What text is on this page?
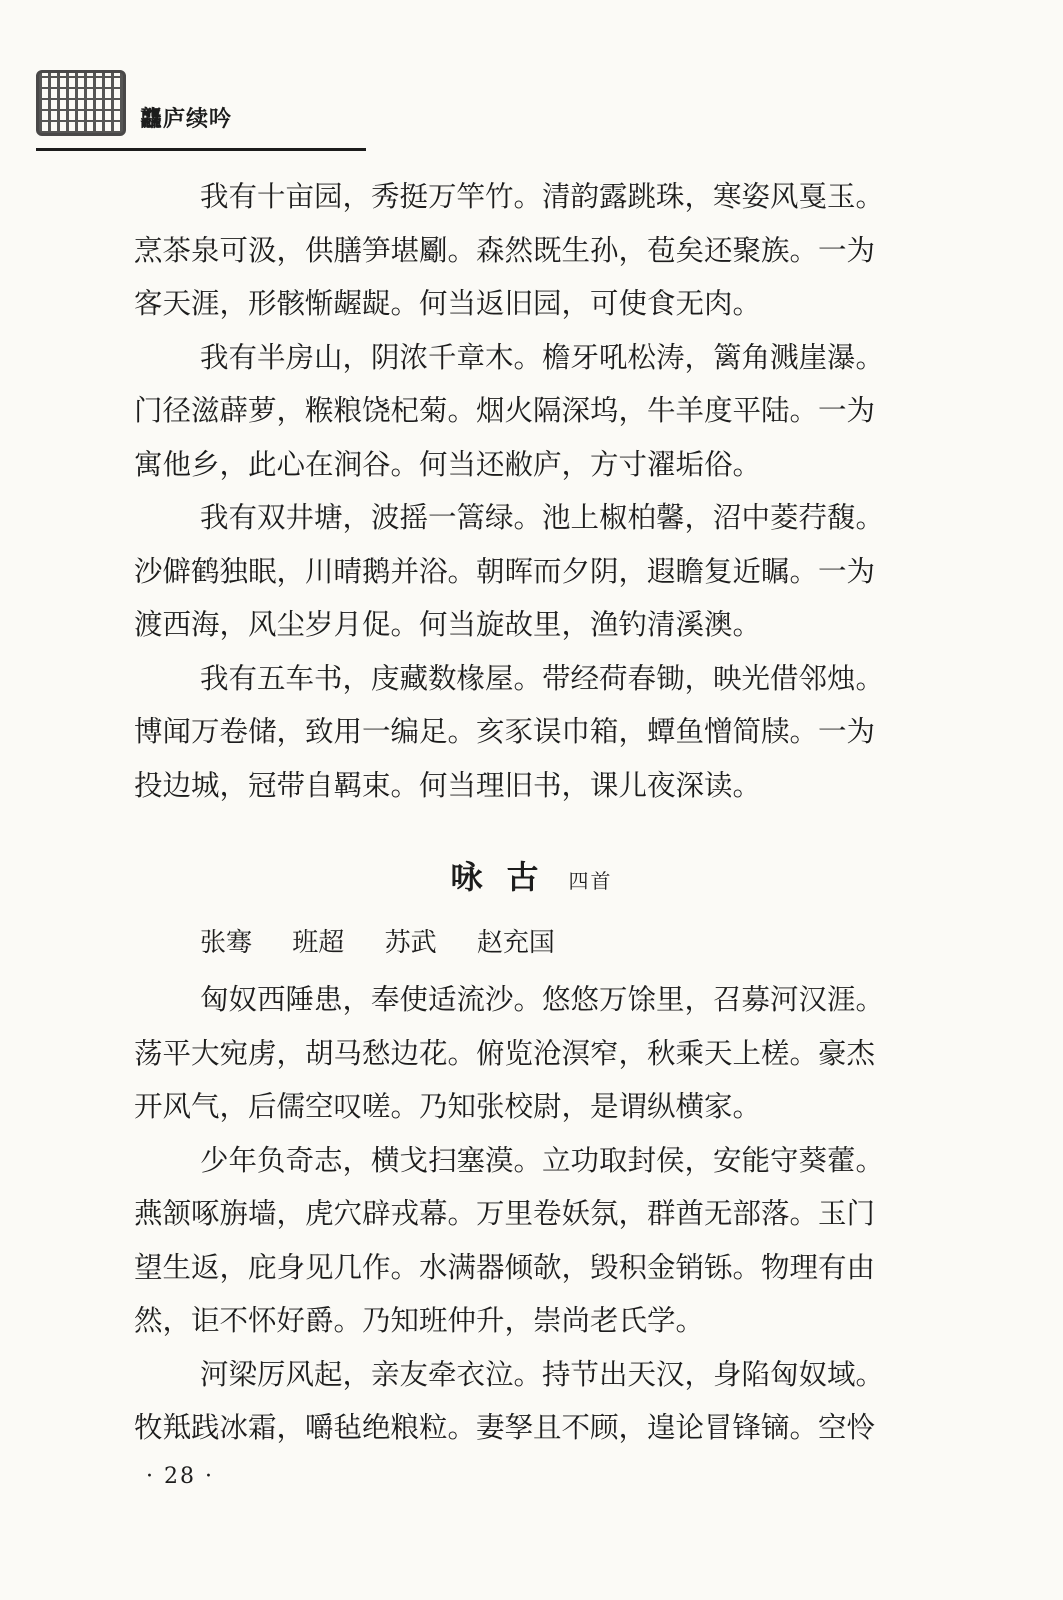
龘庐续吟
我有十亩园，秀挺万竿竹。清韵露跳珠，寒姿风戛玉。
烹茶泉可汲，供膳笋堪劚。森然既生孙，苞矣还聚族。一为
客天涯，形骸惭龌龊。何当返旧园，可使食无肉。
我有半房山，阴浓千章木。檐牙吼松涛，篱角溅崖瀑。
门径滋薜萝，糇粮饶杞菊。烟火隔深坞，牛羊度平陆。一为
寓他乡，此心在涧谷。何当还敝庐，方寸濯垢俗。
我有双井塘，波摇一篙绿。池上椒柏馨，沼中菱荇馥。
沙僻鹤独眠，川晴鹅并浴。朝晖而夕阴，遐瞻复近瞩。一为
渡西海，风尘岁月促。何当旋故里，渔钓清溪澳。
我有五车书，庋藏数椽屋。带经荷春锄，映光借邻烛。
博闻万卷储，致用一编足。亥豕误巾箱，蟫鱼憎简牍。一为
投边城，冠带自羁束。何当理旧书，课儿夜深读。
咏古 四首
张骞 班超 苏武 赵充国
匈奴西陲患，奉使适流沙。悠悠万馀里，召募河汉涯。
荡平大宛虏，胡马愁边花。俯览沧溟窄，秋乘天上槎。豪杰
开风气，后儒空叹嗟。乃知张校尉，是谓纵横家。
少年负奇志，横戈扫塞漠。立功取封侯，安能守葵藿。
燕颔啄旃墙，虎穴辟戎幕。万里卷妖氛，群酋无部落。玉门
望生返，庇身见几作。水满器倾欹，毁积金销铄。物理有由
然，讵不怀好爵。乃知班仲升，崇尚老氏学。
河梁厉风起，亲友牵衣泣。持节出天汉，身陷匈奴域。
牧羝践冰霜，嚼毡绝粮粒。妻孥且不顾，遑论冒锋镝。空怜
· 28 ·
